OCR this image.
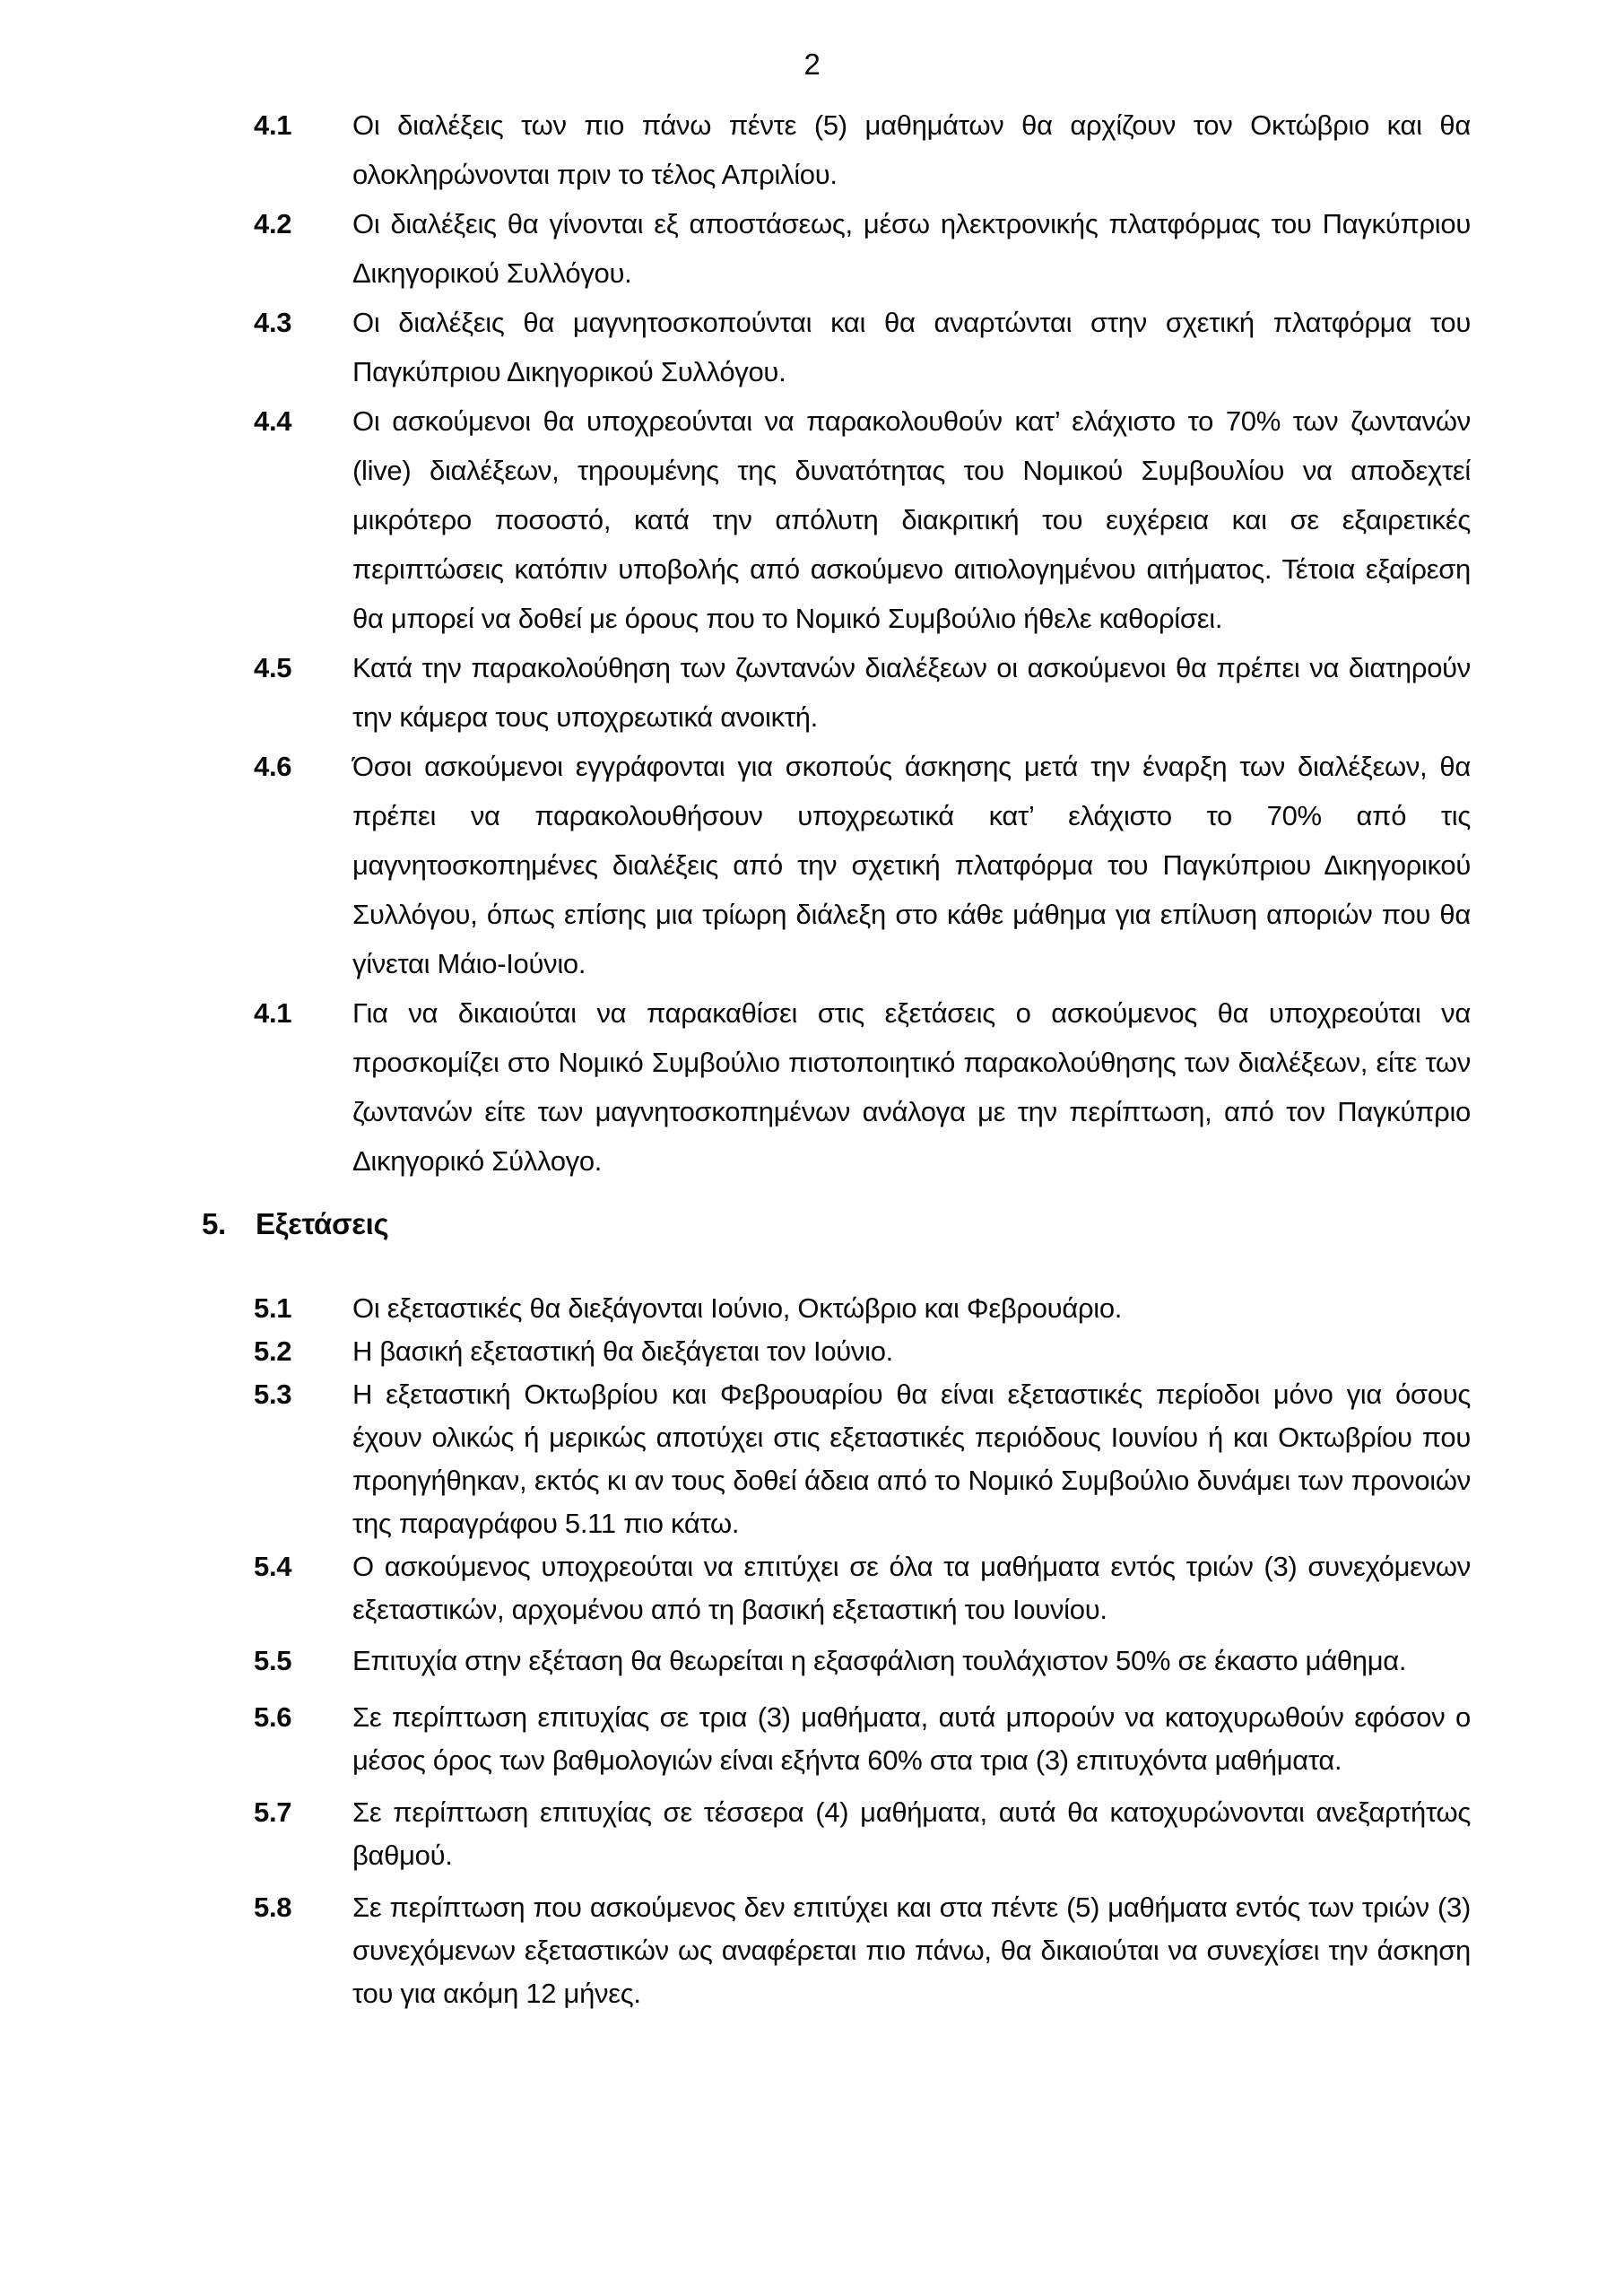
2
4.1	Οι διαλέξεις των πιο πάνω πέντε (5) μαθημάτων θα αρχίζουν τον Οκτώβριο και θα ολοκληρώνονται πριν το τέλος Απριλίου.
4.2	Οι διαλέξεις θα γίνονται εξ αποστάσεως, μέσω ηλεκτρονικής πλατφόρμας του Παγκύπριου Δικηγορικού Συλλόγου.
4.3	Οι διαλέξεις θα μαγνητοσκοπούνται και θα αναρτώνται στην σχετική πλατφόρμα του Παγκύπριου Δικηγορικού Συλλόγου.
4.4	Οι ασκούμενοι θα υποχρεούνται να παρακολουθούν κατ’ ελάχιστο το 70% των ζωντανών (live) διαλέξεων, τηρουμένης της δυνατότητας του Νομικού Συμβουλίου να αποδεχτεί μικρότερο ποσοστό, κατά την απόλυτη διακριτική του ευχέρεια και σε εξαιρετικές περιπτώσεις κατόπιν υποβολής από ασκούμενο αιτιολογημένου αιτήματος. Τέτοια εξαίρεση θα μπορεί να δοθεί με όρους που το Νομικό Συμβούλιο ήθελε καθορίσει.
4.5	Κατά την παρακολούθηση των ζωντανών διαλέξεων οι ασκούμενοι θα πρέπει να διατηρούν την κάμερα τους υποχρεωτικά ανοικτή.
4.6	Όσοι ασκούμενοι εγγράφονται για σκοπούς άσκησης μετά την έναρξη των διαλέξεων, θα πρέπει να παρακολουθήσουν υποχρεωτικά κατ’ ελάχιστο το 70% από τις μαγνητοσκοπημένες διαλέξεις από την σχετική πλατφόρμα του Παγκύπριου Δικηγορικού Συλλόγου, όπως επίσης μια τρίωρη διάλεξη στο κάθε μάθημα για επίλυση αποριών που θα γίνεται Μάιο-Ιούνιο.
4.1	Για να δικαιούται να παρακαθίσει στις εξετάσεις ο ασκούμενος θα υποχρεούται να προσκομίζει στο Νομικό Συμβούλιο πιστοποιητικό παρακολούθησης των διαλέξεων, είτε των ζωντανών είτε των μαγνητοσκοπημένων ανάλογα με την περίπτωση, από τον Παγκύπριο Δικηγορικό Σύλλογο.
5.	Εξετάσεις
5.1	Οι εξεταστικές θα διεξάγονται Ιούνιο, Οκτώβριο και Φεβρουάριο.
5.2	Η βασική εξεταστική θα διεξάγεται τον Ιούνιο.
5.3	Η εξεταστική Οκτωβρίου και Φεβρουαρίου θα είναι εξεταστικές περίοδοι μόνο για όσους έχουν ολικώς ή μερικώς αποτύχει στις εξεταστικές περιόδους Ιουνίου ή και Οκτωβρίου που προηγήθηκαν, εκτός κι αν τους δοθεί άδεια από το Νομικό Συμβούλιο δυνάμει των προνοιών της παραγράφου 5.11 πιο κάτω.
5.4	Ο ασκούμενος υποχρεούται να επιτύχει σε όλα τα μαθήματα εντός τριών (3) συνεχόμενων εξεταστικών, αρχομένου από τη βασική εξεταστική του Ιουνίου.
5.5	Επιτυχία στην εξέταση θα θεωρείται η εξασφάλιση τουλάχιστον 50% σε έκαστο μάθημα.
5.6	Σε περίπτωση επιτυχίας σε τρια (3) μαθήματα, αυτά μπορούν να κατοχυρωθούν εφόσον ο μέσος όρος των βαθμολογιών είναι εξήντα 60% στα τρια (3) επιτυχόντα μαθήματα.
5.7	Σε περίπτωση επιτυχίας σε τέσσερα (4) μαθήματα, αυτά θα κατοχυρώνονται ανεξαρτήτως βαθμού.
5.8	Σε περίπτωση που ασκούμενος δεν επιτύχει και στα πέντε (5) μαθήματα εντός των τριών (3) συνεχόμενων εξεταστικών ως αναφέρεται πιο πάνω, θα δικαιούται να συνεχίσει την άσκηση του για ακόμη 12 μήνες.
